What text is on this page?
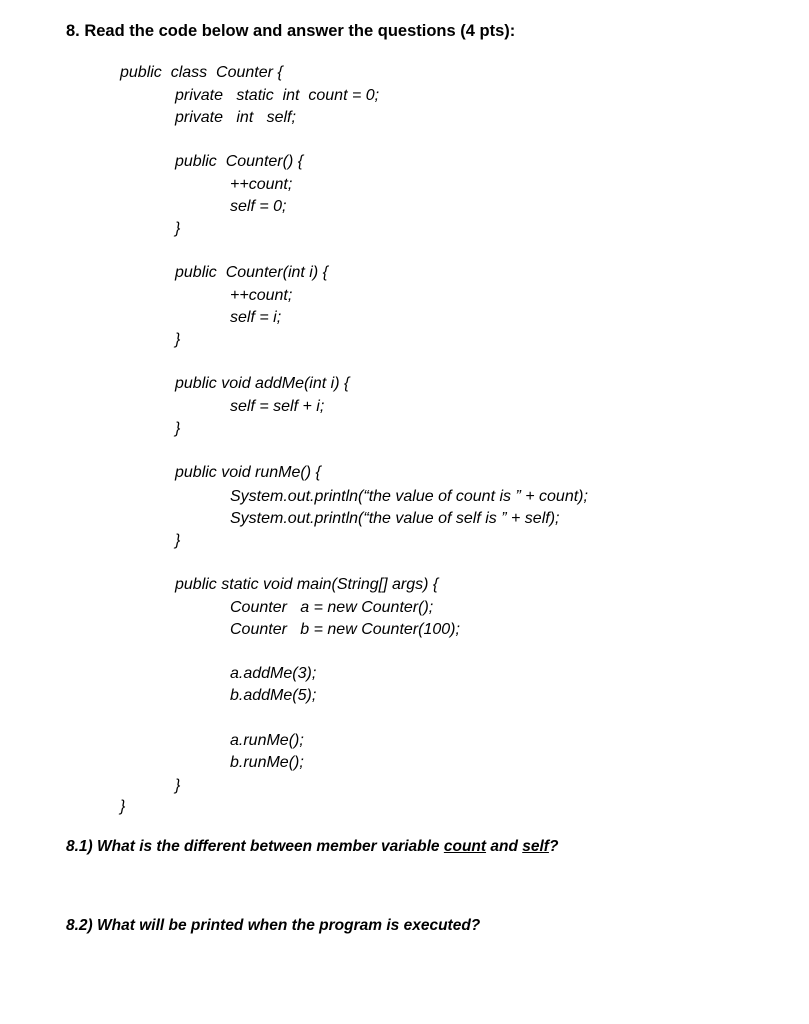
8. Read the code below and answer the questions (4 pts):
public  class  Counter {
private   static  int  count = 0;
private   int   self;
public  Counter() {
++count;
self = 0;
}
public  Counter(int i) {
++count;
self = i;
}
public void addMe(int i) {
self = self + i;
}
public void runMe() {
System.out.println(“the value of count is ” + count);
System.out.println(“the value of self is ” + self);
}
public static void main(String[] args) {
Counter   a = new Counter();
Counter   b = new Counter(100);
a.addMe(3);
b.addMe(5);
a.runMe();
b.runMe();
}
}
8.1) What is the different between member variable count and self?
8.2) What will be printed when the program is executed?
